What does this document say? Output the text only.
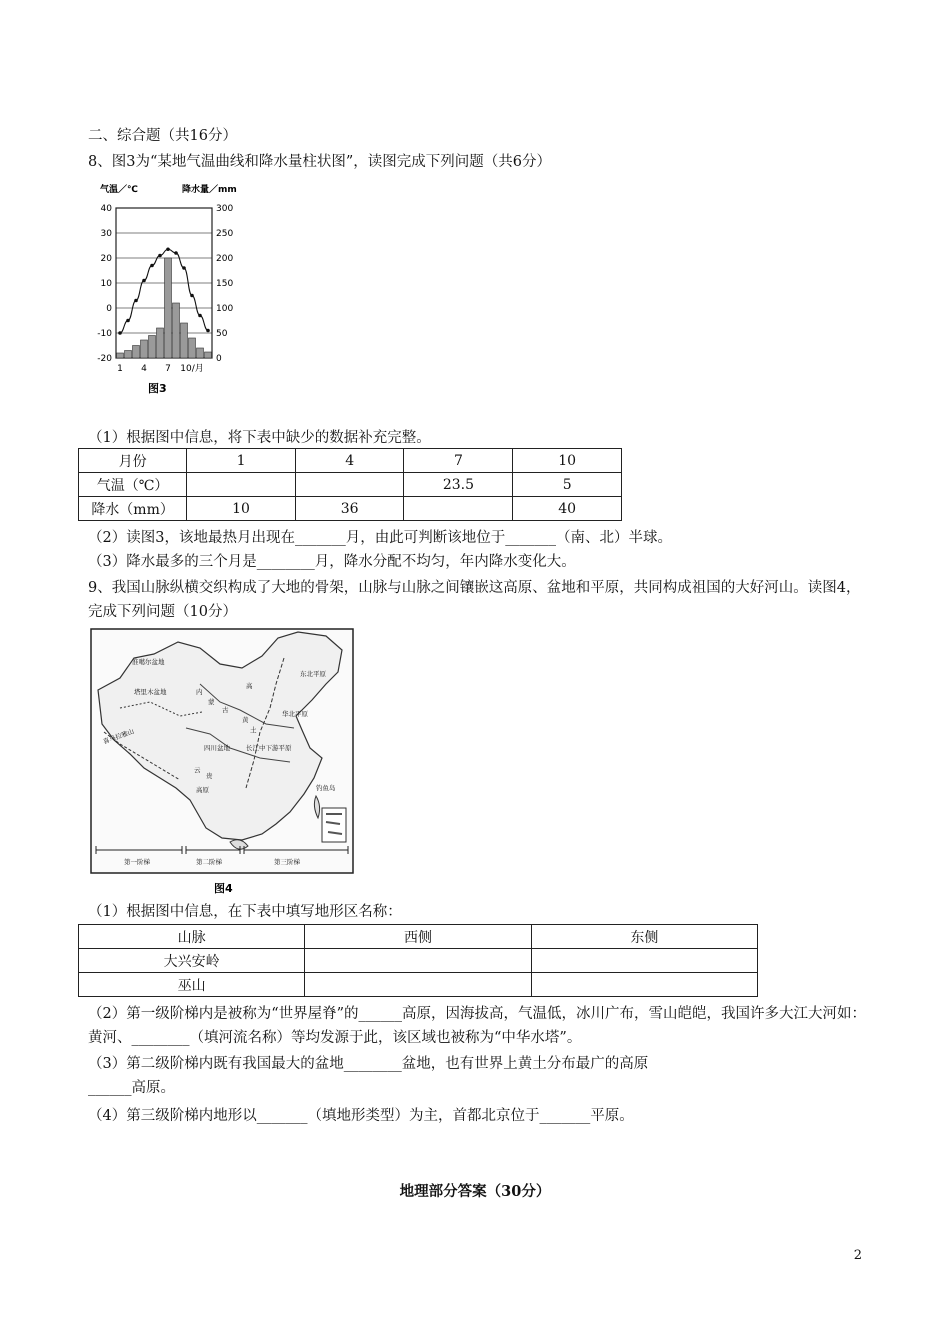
二、综合题（共16分）
8、图3为“某地气温曲线和降水量柱状图”，读图完成下列问题（共6分）
气温／℃	降水量／mm
40	300
30	250
20	200
10	150
0	100
-10	50
-20	0
1 4 7 10/月
图3
（1）根据图中信息，将下表中缺少的数据补充完整。
月份	1	4	7	10
气温（℃）			23.5	5
降水（mm）	10	36		40
（2）读图3，该地最热月出现在_______月，由此可判断该地位于_______（南、北）半球。
（3）降水最多的三个月是________月，降水分配不均匀，年内降水变化大。
9、我国山脉纵横交织构成了大地的骨架，山脉与山脉之间镶嵌这高原、盆地和平原，共同构成祖国的大好河山。读图4，完成下列问题（10分）
准噶尔盆地
塔里木盆地
东北平原
内
蒙
古
高
黄
土
华北平原
四川盆地 长江中下游平原
云
贵
高原	钓鱼岛
喜马拉雅山
第一阶梯	第二阶梯	第三阶梯
图4
（1）根据图中信息，在下表中填写地形区名称：
山脉	西侧	东侧
大兴安岭		
巫山		
（2）第一级阶梯内是被称为“世界屋脊”的______高原，因海拔高，气温低，冰川广布，雪山皑皑，我国许多大江大河如：黄河、________（填河流名称）等均发源于此，该区域也被称为“中华水塔”。
（3）第二级阶梯内既有我国最大的盆地________盆地，也有世界上黄土分布最广的高原
______高原。
（4）第三级阶梯内地形以_______（填地形类型）为主，首都北京位于_______平原。
地理部分答案（30分）
2
